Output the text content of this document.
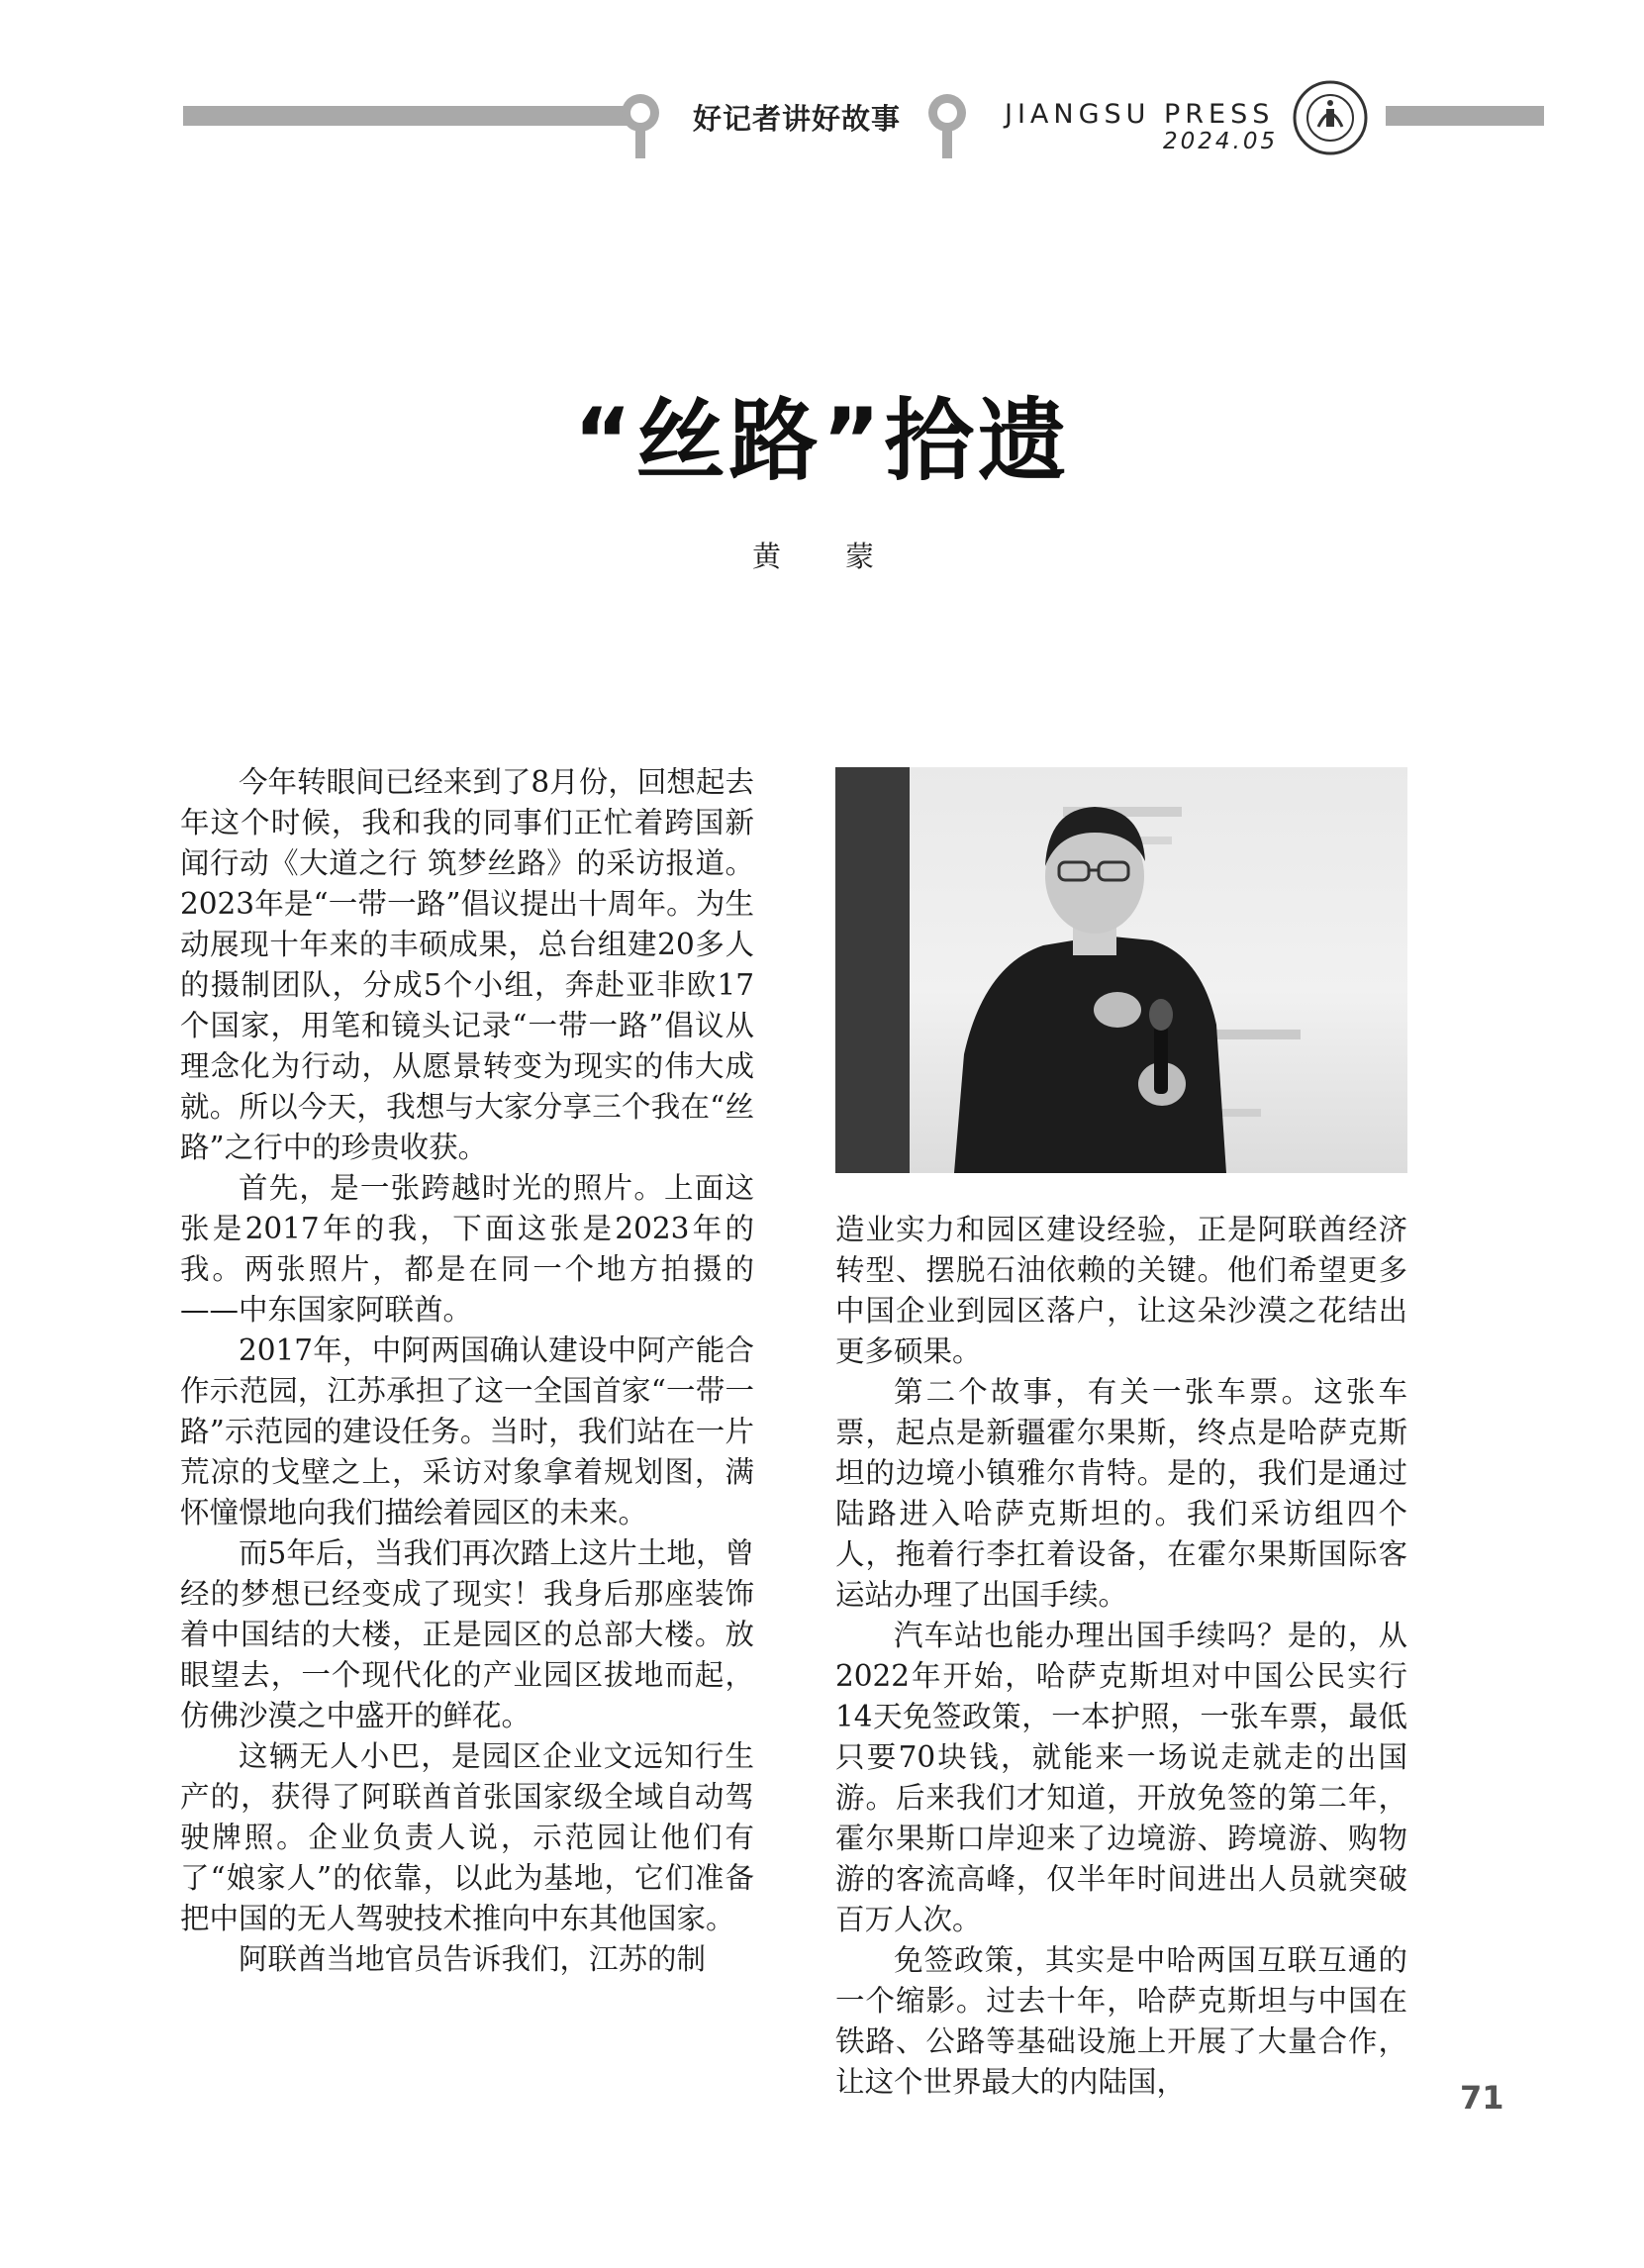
好记者讲好故事	JIANGSU PRESS
2024.05
“丝路”拾遗
黄　蒙

今年转眼间已经来到了8月份，回想起去年这个时候，我和我的同事们正忙着跨国新闻行动《大道之行 筑梦丝路》的采访报道。2023年是“一带一路”倡议提出十周年。为生动展现十年来的丰硕成果，总台组建20多人的摄制团队，分成5个小组，奔赴亚非欧17个国家，用笔和镜头记录“一带一路”倡议从理念化为行动，从愿景转变为现实的伟大成就。所以今天，我想与大家分享三个我在“丝路”之行中的珍贵收获。

首先，是一张跨越时光的照片。上面这张是2017年的我，下面这张是2023年的我。两张照片，都是在同一个地方拍摄的——中东国家阿联酋。

2017年，中阿两国确认建设中阿产能合作示范园，江苏承担了这一全国首家“一带一路”示范园的建设任务。当时，我们站在一片荒凉的戈壁之上，采访对象拿着规划图，满怀憧憬地向我们描绘着园区的未来。

而5年后，当我们再次踏上这片土地，曾经的梦想已经变成了现实！我身后那座装饰着中国结的大楼，正是园区的总部大楼。放眼望去，一个现代化的产业园区拔地而起，仿佛沙漠之中盛开的鲜花。

这辆无人小巴，是园区企业文远知行生产的，获得了阿联酋首张国家级全域自动驾驶牌照。企业负责人说，示范园让他们有了“娘家人”的依靠，以此为基地，它们准备把中国的无人驾驶技术推向中东其他国家。

阿联酋当地官员告诉我们，江苏的制

造业实力和园区建设经验，正是阿联酋经济转型、摆脱石油依赖的关键。他们希望更多中国企业到园区落户，让这朵沙漠之花结出更多硕果。

第二个故事，有关一张车票。这张车票，起点是新疆霍尔果斯，终点是哈萨克斯坦的边境小镇雅尔肯特。是的，我们是通过陆路进入哈萨克斯坦的。我们采访组四个人，拖着行李扛着设备，在霍尔果斯国际客运站办理了出国手续。

汽车站也能办理出国手续吗？是的，从2022年开始，哈萨克斯坦对中国公民实行14天免签政策，一本护照，一张车票，最低只要70块钱，就能来一场说走就走的出国游。后来我们才知道，开放免签的第二年，霍尔果斯口岸迎来了边境游、跨境游、购物游的客流高峰，仅半年时间进出人员就突破百万人次。

免签政策，其实是中哈两国互联互通的一个缩影。过去十年，哈萨克斯坦与中国在铁路、公路等基础设施上开展了大量合作，让这个世界最大的内陆国，	71
